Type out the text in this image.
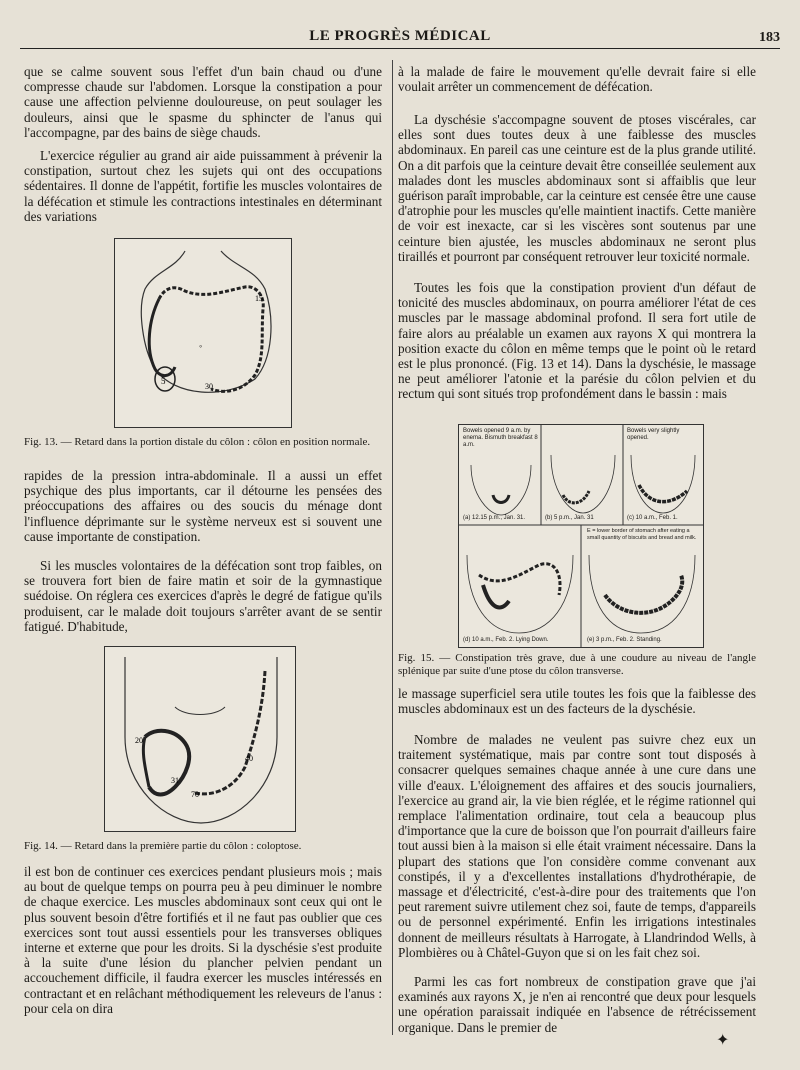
LE PROGRÈS MÉDICAL	183

que se calme souvent sous l'effet d'un bain chaud ou d'une compresse chaude sur l'abdomen. Lorsque la constipation a pour cause une affection pelvienne douloureuse, on peut soulager les douleurs, ainsi que le spasme du sphincter de l'anus qui l'accompagne, par des bains de siège chauds.

L'exercice régulier au grand air aide puissamment à prévenir la constipation, surtout chez les sujets qui ont des occupations sédentaires. Il donne de l'appétit, fortifie les muscles volontaires de la défécation et stimule les contractions intestinales en déterminant des variations

5
15
30
◦

Fig. 13. — Retard dans la portion distale du côlon : côlon en position normale.

rapides de la pression intra-abdominale. Il a aussi un effet psychique des plus importants, car il détourne les pensées des préoccupations des affaires ou des soucis du ménage dont l'influence déprimante sur le système nerveux est si souvent une cause importante de constipation.

Si les muscles volontaires de la défécation sont trop faibles, on se trouvera fort bien de faire matin et soir de la gymnastique suédoise. On réglera ces exercices d'après le degré de fatigue qu'ils produisent, car le malade doit toujours s'arrêter avant de se sentir fatigué. D'habitude,

20
40
31
70

Fig. 14. — Retard dans la première partie du côlon : coloptose.

il est bon de continuer ces exercices pendant plusieurs mois ; mais au bout de quelque temps on pourra peu à peu diminuer le nombre de chaque exercice. Les muscles abdominaux sont ceux qui ont le plus souvent besoin d'être fortifiés et il ne faut pas oublier que ces exercices sont tout aussi essentiels pour les transverses obliques interne et externe que pour les droits. Si la dyschésie s'est produite à la suite d'une lésion du plancher pelvien pendant un accouchement difficile, il faudra exercer les muscles intéressés en contractant et en relâchant méthodiquement les releveurs de l'anus : pour cela on dira

à la malade de faire le mouvement qu'elle devrait faire si elle voulait arrêter un commencement de défécation.

La dyschésie s'accompagne souvent de ptoses viscérales, car elles sont dues toutes deux à une faiblesse des muscles abdominaux. En pareil cas une ceinture est de la plus grande utilité. On a dit parfois que la ceinture devait être conseillée seulement aux malades dont les muscles abdominaux sont si affaiblis que leur guérison paraît improbable, car la ceinture est censée être une cause d'atrophie pour les muscles qu'elle maintient inactifs. Cette manière de voir est inexacte, car si les viscères sont soutenus par une ceinture bien ajustée, les muscles abdominaux ne seront plus tiraillés et pourront par conséquent retrouver leur toxicité normale.

Toutes les fois que la constipation provient d'un défaut de tonicité des muscles abdominaux, on pourra améliorer l'état de ces muscles par le massage abdominal profond. Il sera fort utile de faire alors au préalable un examen aux rayons X qui montrera la position exacte du côlon en même temps que le point où le retard est le plus prononcé. (Fig. 13 et 14). Dans la dyschésie, le massage ne peut améliorer l'atonie et la parésie du côlon pelvien et du rectum qui sont situés trop profondément dans le bassin : mais

Bowels opened 9 a.m. by enema. Bismuth breakfast 8 a.m.
(a) 12.15 p.m., Jan. 31.	(b) 5 p.m., Jan. 31
Bowels very slightly opened.
(c) 10 a.m., Feb. 1.
(d) 10 a.m., Feb. 2. Lying Down.
E = lower border of stomach after eating a small quantity of biscuits and bread and milk.
(e) 3 p.m., Feb. 2. Standing.

Fig. 15. — Constipation très grave, due à une coudure au niveau de l'angle splénique par suite d'une ptose du côlon transverse.

le massage superficiel sera utile toutes les fois que la faiblesse des muscles abdominaux est un des facteurs de la dyschésie.

Nombre de malades ne veulent pas suivre chez eux un traitement systématique, mais par contre sont tout disposés à consacrer quelques semaines chaque année à une cure dans une ville d'eaux. L'éloignement des affaires et des soucis journaliers, l'exercice au grand air, la vie bien réglée, et le régime rationnel qui remplace l'alimentation ordinaire, tout cela a beaucoup plus d'importance que la cure de boisson que l'on pourrait d'ailleurs faire tout aussi bien à la maison si elle était vraiment nécessaire. Dans la plupart des stations que l'on considère comme convenant aux constipés, il y a d'excellentes installations d'hydrothérapie, de massage et d'électricité, c'est-à-dire pour des traitements que l'on peut rarement suivre utilement chez soi, faute de temps, d'appareils ou de personnel expérimenté. Enfin les irrigations intestinales donnent de meilleurs résultats à Harrogate, à Llandrindod Wells, à Plombières ou à Châtel-Guyon que si on les fait chez soi.

Parmi les cas fort nombreux de constipation grave que j'ai examinés aux rayons X, je n'en ai rencontré que deux pour lesquels une opération paraissait indiquée en l'absence de rétrécissement organique. Dans le premier de

✦
